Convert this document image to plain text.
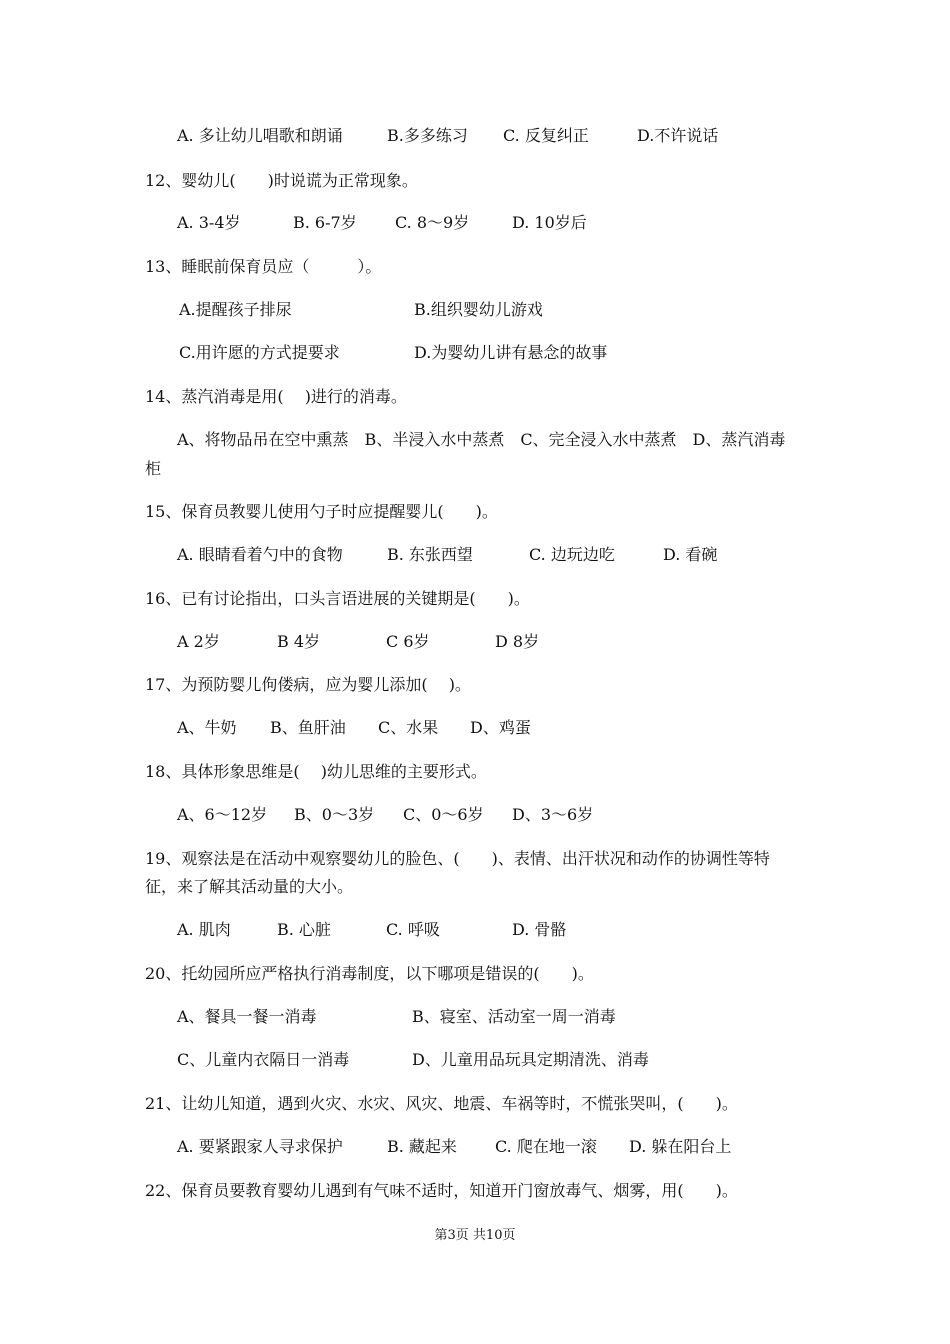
A. 多让幼儿唱歌和朗诵	B.多多练习 C. 反复纠正	D.不许说话
12、婴幼儿(　　)时说谎为正常现象。
A. 3-4岁	B. 6-7岁 C. 8～9岁	D. 10岁后
13、睡眠前保育员应（　　　）。
A.提醒孩子排尿	B.组织婴幼儿游戏
C.用许愿的方式提要求	D.为婴幼儿讲有悬念的故事
14、蒸汽消毒是用(　 )进行的消毒。
A、将物品吊在空中熏蒸　B、半浸入水中蒸煮　C、完全浸入水中蒸煮　D、蒸汽消毒
柜
15、保育员教婴儿使用勺子时应提醒婴儿(　　)。
A. 眼睛看着勺中的食物	B. 东张西望	C. 边玩边吃	D. 看碗
16、已有讨论指出，口头言语进展的关键期是(　　)。
A 2岁	B 4岁	C 6岁	D 8岁
17、为预防婴儿佝偻病，应为婴儿添加(　 )。
A、牛奶 B、鱼肝油 C、水果 D、鸡蛋
18、具体形象思维是(　 )幼儿思维的主要形式。
A、6～12岁 B、0～3岁 C、0～6岁 D、3～6岁
19、观察法是在活动中观察婴幼儿的脸色、(　　)、表情、出汗状况和动作的协调性等特
征，来了解其活动量的大小。
A. 肌肉	B. 心脏	C. 呼吸	D. 骨骼
20、托幼园所应严格执行消毒制度，以下哪项是错误的(　　)。
A、餐具一餐一消毒	B、寝室、活动室一周一消毒
C、儿童内衣隔日一消毒	D、儿童用品玩具定期清洗、消毒
21、让幼儿知道，遇到火灾、水灾、风灾、地震、车祸等时，不慌张哭叫，(　　)。
A. 要紧跟家人寻求保护	B. 藏起来 C. 爬在地一滚 D. 躲在阳台上
22、保育员要教育婴幼儿遇到有气味不适时，知道开门窗放毒气、烟雾，用(　　)。
第3页 共10页
